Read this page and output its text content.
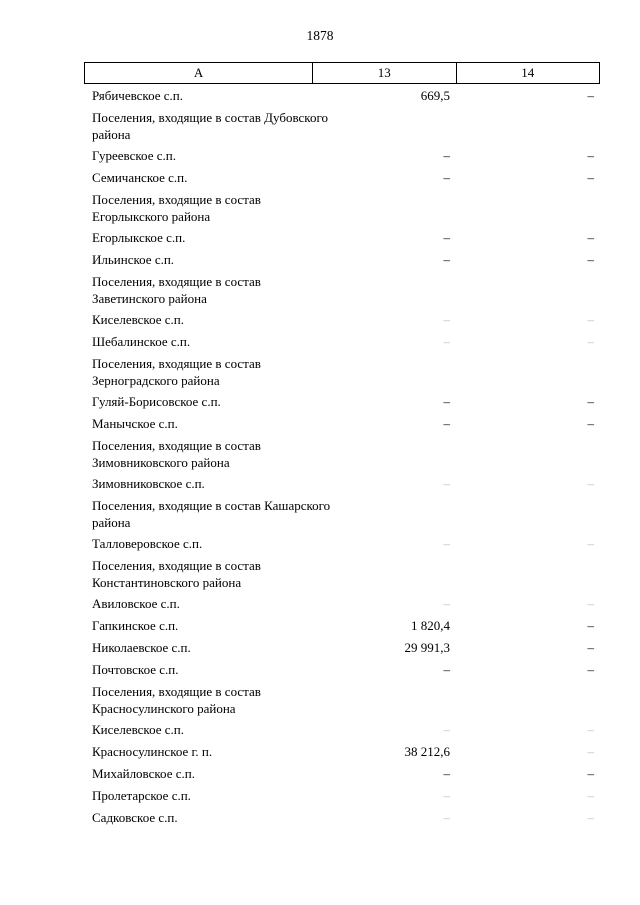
1878
А	13	14
Рябичевское с.п.	669,5	–
Поселения, входящие в состав Дубовского района
Гуреевское с.п.	–	–
Семичанское с.п.	–	–
Поселения, входящие в состав Егорлыкского района
Егорлыкское с.п.	–	–
Ильинское с.п.	–	–
Поселения, входящие в состав Заветинского района
Киселевское с.п.	–	–
Шебалинское с.п.	–	–
Поселения, входящие в состав Зерноградского района
Гуляй-Борисовское с.п.	–	–
Манычское с.п.	–	–
Поселения, входящие в состав Зимовниковского района
Зимовниковское с.п.	–	–
Поселения, входящие в состав Кашарского района
Талловеровское с.п.	–	–
Поселения, входящие в состав Константиновского района
Авиловское с.п.	–	–
Гапкинское с.п.	1 820,4	–
Николаевское с.п.	29 991,3	–
Почтовское с.п.	–	–
Поселения, входящие в состав Красносулинского района
Киселевское с.п.	–	–
Красносулинское г. п.	38 212,6	–
Михайловское с.п.	–	–
Пролетарское с.п.	–	–
Садковское с.п.	–	–
